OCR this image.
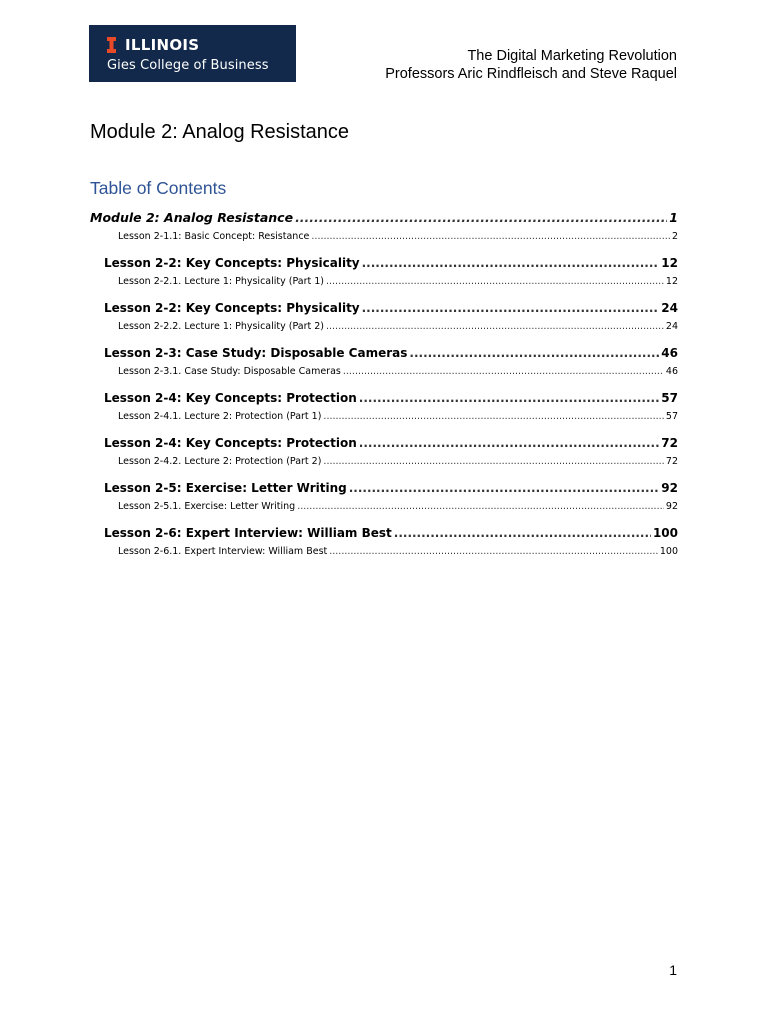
ILLINOIS
Gies College of Business
The Digital Marketing Revolution
Professors Aric Rindfleisch and Steve Raquel
Module 2: Analog Resistance
Table of Contents
Module 2: Analog Resistance .....	1
Lesson 2-1.1: Basic Concept: Resistance .....	2
Lesson 2-2: Key Concepts: Physicality .....	12
Lesson 2-2.1. Lecture 1: Physicality (Part 1) .....	12
Lesson 2-2: Key Concepts: Physicality .....	24
Lesson 2-2.2. Lecture 1: Physicality (Part 2) .....	24
Lesson 2-3: Case Study: Disposable Cameras .....	46
Lesson 2-3.1. Case Study: Disposable Cameras .....	46
Lesson 2-4: Key Concepts: Protection .....	57
Lesson 2-4.1. Lecture 2: Protection (Part 1) .....	57
Lesson 2-4: Key Concepts: Protection .....	72
Lesson 2-4.2. Lecture 2: Protection (Part 2) .....	72
Lesson 2-5: Exercise: Letter Writing .....	92
Lesson 2-5.1. Exercise: Letter Writing .....	92
Lesson 2-6: Expert Interview: William Best .....	100
Lesson 2-6.1. Expert Interview: William Best .....	100
1
